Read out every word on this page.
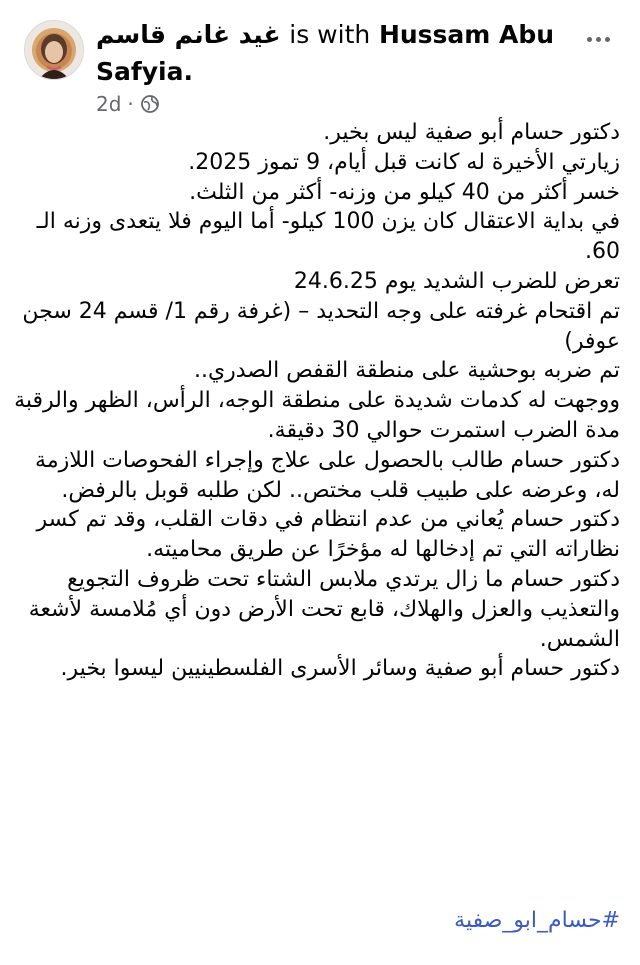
غيد غانم قاسم is with Hussam Abu Safyia.
2d ·

دكتور حسام أبو صفية ليس بخير.

زيارتي الأخيرة له كانت قبل أيام، 9 تموز 2025.

خسر أكثر من 40 كيلو من وزنه- أكثر من الثلث.

في بداية الاعتقال كان يزن 100 كيلو- أما اليوم فلا يتعدى وزنه الـ 60.

تعرض للضرب الشديد يوم 24.6.25

تم اقتحام غرفته على وجه التحديد – (غرفة رقم 1/ قسم 24 سجن عوفر)

تم ضربه بوحشية على منطقة القفص الصدري..

ووجهت له كدمات شديدة على منطقة الوجه، الرأس، الظهر والرقبة

مدة الضرب استمرت حوالي 30 دقيقة.

دكتور حسام طالب بالحصول على علاج وإجراء الفحوصات اللازمة له، وعرضه على طبيب قلب مختص.. لكن طلبه قوبل بالرفض.

دكتور حسام يُعاني من عدم انتظام في دقات القلب، وقد تم كسر نظاراته التي تم إدخالها له مؤخرًا عن طريق محاميته.

دكتور حسام ما زال يرتدي ملابس الشتاء تحت ظروف التجويع والتعذيب والعزل والهلاك، قابع تحت الأرض دون أي مُلامسة لأشعة الشمس.

دكتور حسام أبو صفية وسائر الأسرى الفلسطينيين ليسوا بخير.

#حسام_ابو_صفية
